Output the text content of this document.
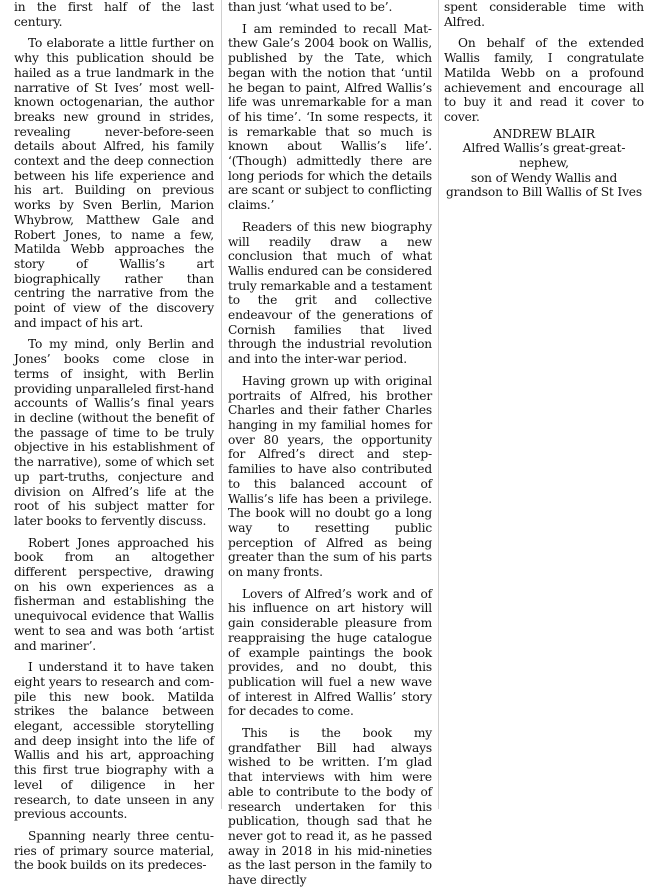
in the first half of the last century.

To elaborate a little further on why this publication should be hailed as a true landmark in the narrative of St Ives’ most well-known octogenarian, the author breaks new ground in strides, revealing never-before-seen details about Alfred, his family context and the deep connection between his life experience and his art. Building on previous works by Sven Berlin, Marion Whybrow, Matthew Gale and Robert Jones, to name a few, Matilda Webb approaches the story of Wallis’s art biographically rather than centring the narrative from the point of view of the discovery and impact of his art.

To my mind, only Berlin and Jones’ books come close in terms of insight, with Berlin providing unparalleled first-hand accounts of Wallis’s final years in decline (without the benefit of the passage of time to be truly objective in his establishment of the narrative), some of which set up part-truths, conjecture and division on Alfred’s life at the root of his subject matter for later books to fervently discuss.

Robert Jones approached his book from an altogether different perspective, drawing on his own experiences as a fisherman and establishing the unequivocal evidence that Wallis went to sea and was both ‘artist and mariner’.

I understand it to have taken eight years to research and compile this new book. Matilda strikes the balance between elegant, accessible storytelling and deep insight into the life of Wallis and his art, approaching this first true biography with a level of diligence in her research, to date unseen in any previous accounts.

Spanning nearly three centuries of primary source material, the book builds on its predeces-

than just ‘what used to be’.

I am reminded to recall Matthew Gale’s 2004 book on Wallis, published by the Tate, which began with the notion that ‘until he began to paint, Alfred Wallis’s life was unremarkable for a man of his time’. ‘In some respects, it is remarkable that so much is known about Wallis’s life’. ‘(Though) admittedly there are long periods for which the details are scant or subject to conflicting claims.’

Readers of this new biography will readily draw a new conclusion that much of what Wallis endured can be considered truly remarkable and a testament to the grit and collective endeavour of the generations of Cornish families that lived through the industrial revolution and into the inter-war period.

Having grown up with original portraits of Alfred, his brother Charles and their father Charles hanging in my familial homes for over 80 years, the opportunity for Alfred’s direct and step-families to have also contributed to this balanced account of Wallis’s life has been a privilege. The book will no doubt go a long way to resetting public perception of Alfred as being greater than the sum of his parts on many fronts.

Lovers of Alfred’s work and of his influence on art history will gain considerable pleasure from reappraising the huge catalogue of example paintings the book provides, and no doubt, this publication will fuel a new wave of interest in Alfred Wallis’ story for decades to come.

This is the book my grandfather Bill had always wished to be written. I’m glad that interviews with him were able to contribute to the body of research undertaken for this publication, though sad that he never got to read it, as he passed away in 2018 in his mid-nineties as the last person in the family to have directly

spent considerable time with Alfred.

On behalf of the extended Wallis family, I congratulate Matilda Webb on a profound achievement and encourage all to buy it and read it cover to cover.

ANDREW BLAIR

Alfred Wallis’s great-great-nephew,

son of Wendy Wallis and

grandson to Bill Wallis of St Ives
